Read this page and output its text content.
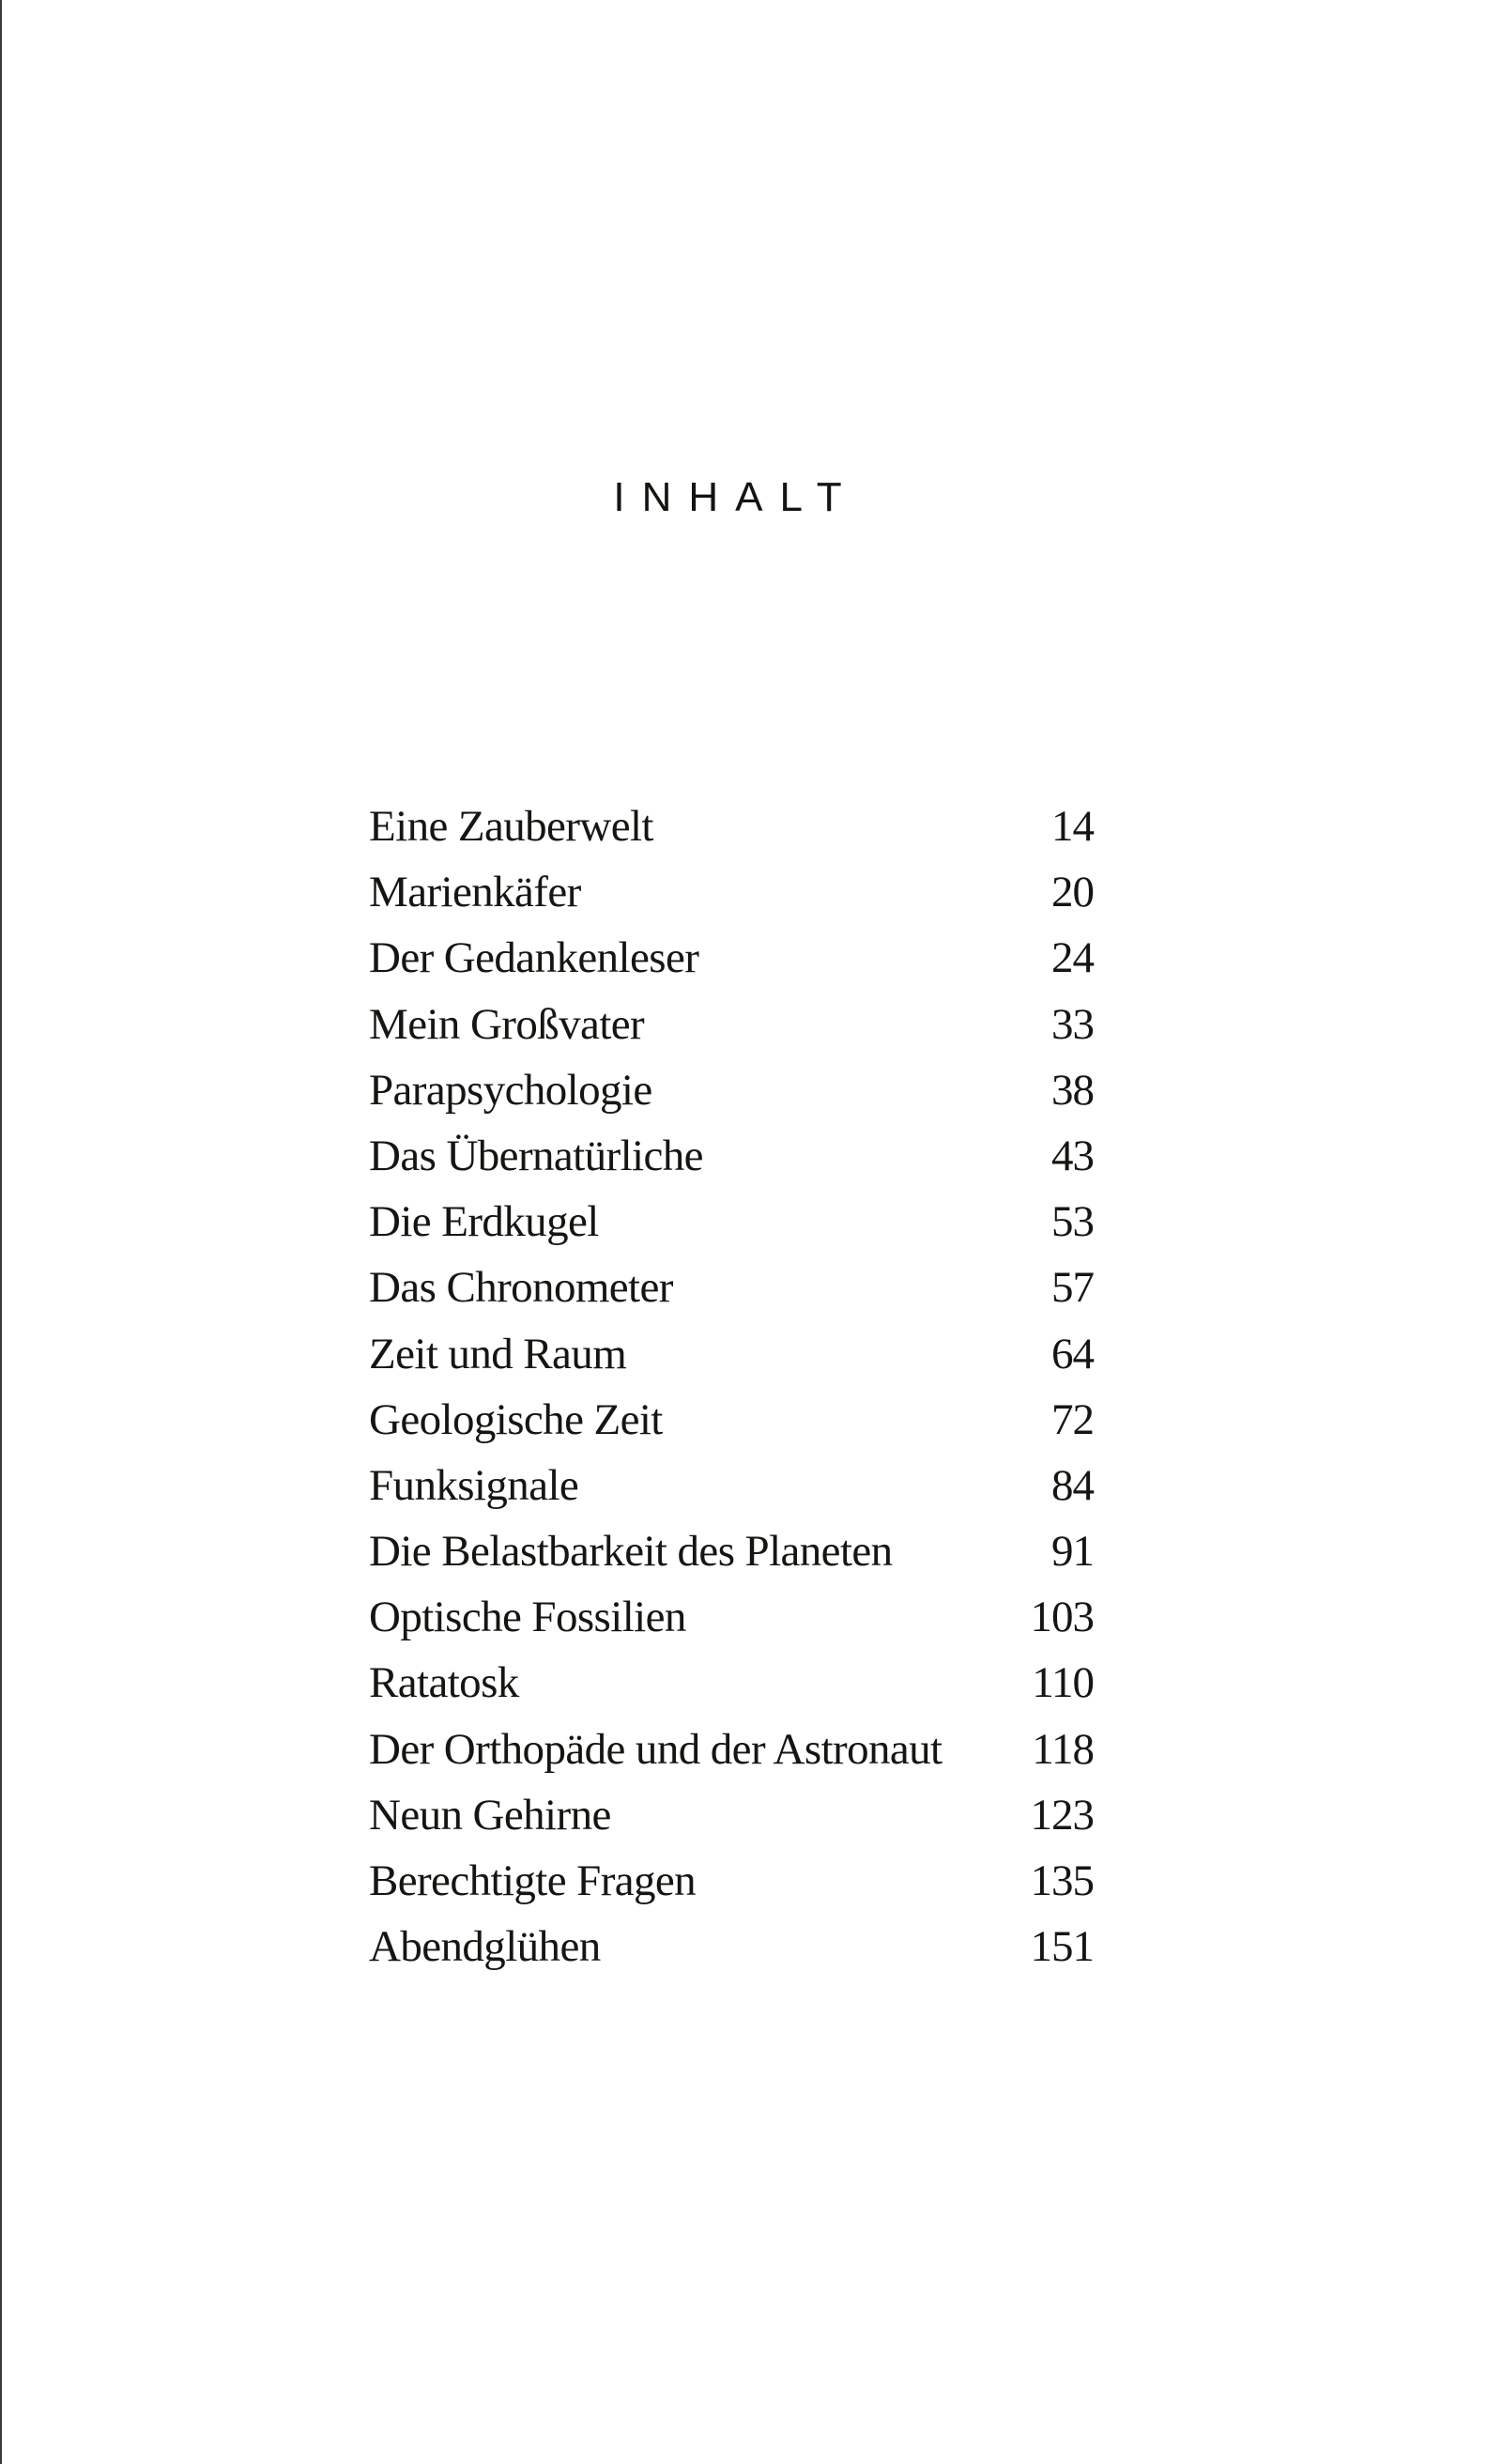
INHALT
Eine Zauberwelt	14
Marienkäfer	20
Der Gedankenleser	24
Mein Großvater	33
Parapsychologie	38
Das Übernatürliche	43
Die Erdkugel	53
Das Chronometer	57
Zeit und Raum	64
Geologische Zeit	72
Funksignale	84
Die Belastbarkeit des Planeten	91
Optische Fossilien	103
Ratatosk	110
Der Orthopäde und der Astronaut 118
Neun Gehirne	123
Berechtigte Fragen	135
Abendglühen	151
